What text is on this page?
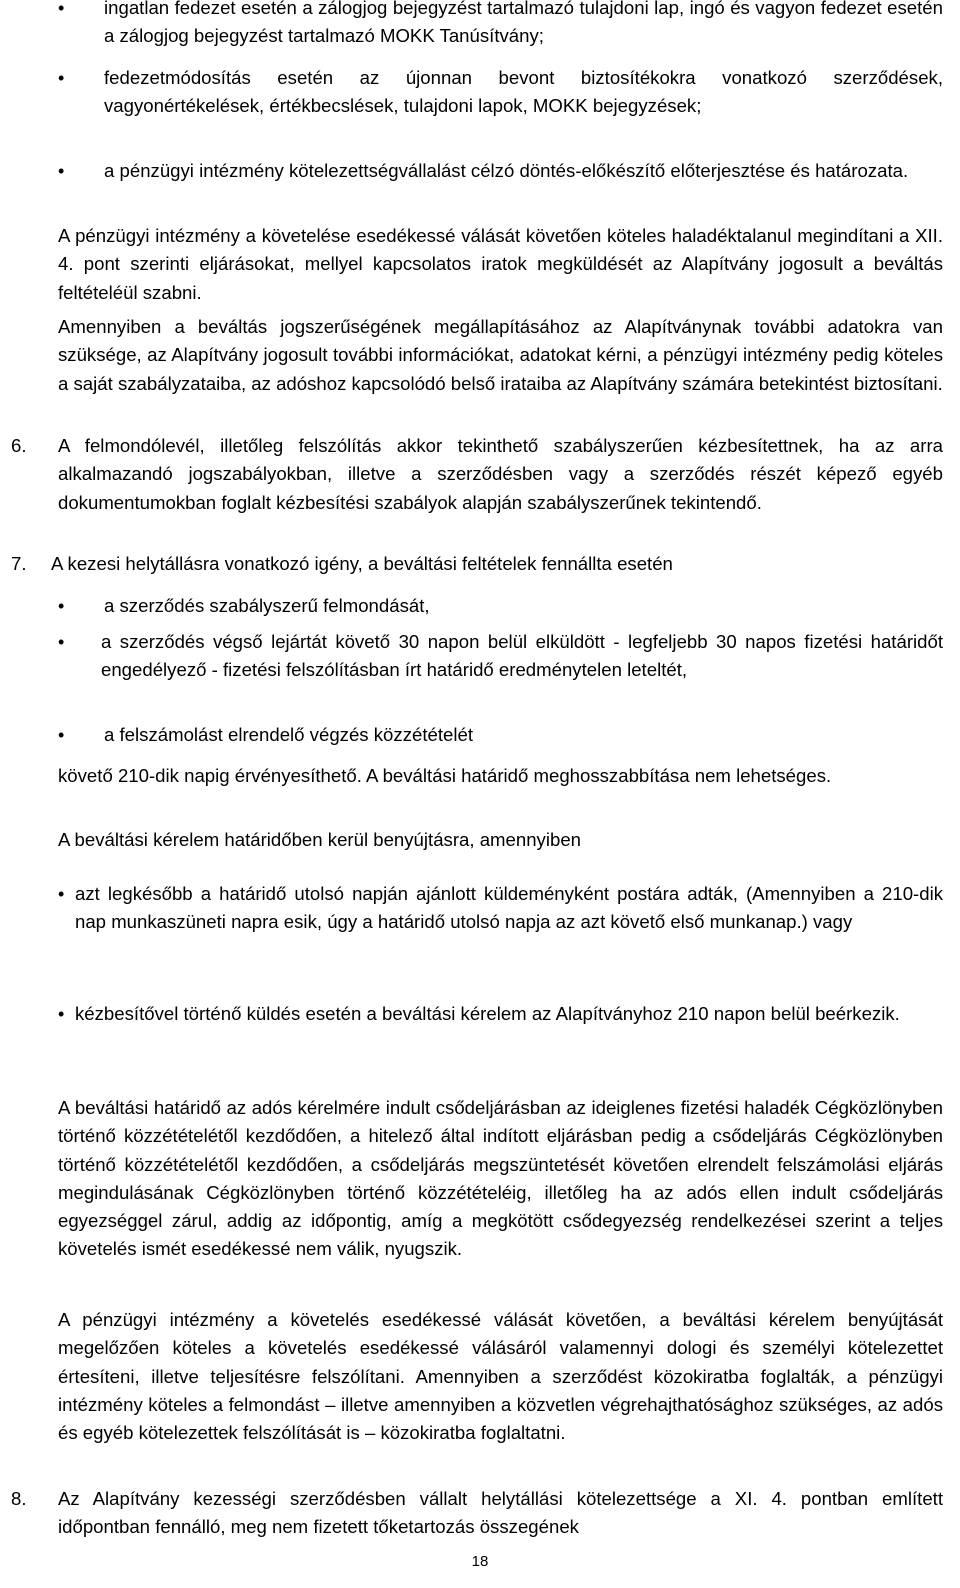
• ingatlan fedezet esetén a zálogjog bejegyzést tartalmazó tulajdoni lap, ingó és vagyon fedezet esetén a zálogjog bejegyzést tartalmazó MOKK Tanúsítvány;

• fedezetmódosítás esetén az újonnan bevont biztosítékokra vonatkozó szerződések, vagyonértékelések, értékbecslések, tulajdoni lapok, MOKK bejegyzések;

• a pénzügyi intézmény kötelezettségvállalást célzó döntés-előkészítő előterjesztése és határozata.

A pénzügyi intézmény a követelése esedékessé válását követően köteles haladéktalanul megindítani a XII. 4. pont szerinti eljárásokat, mellyel kapcsolatos iratok megküldését az Alapítvány jogosult a beváltás feltételéül szabni.

Amennyiben a beváltás jogszerűségének megállapításához az Alapítványnak további adatokra van szüksége, az Alapítvány jogosult további információkat, adatokat kérni, a pénzügyi intézmény pedig köteles a saját szabályzataiba, az adóshoz kapcsolódó belső irataiba az Alapítvány számára betekintést biztosítani.

6. A felmondólevél, illetőleg felszólítás akkor tekinthető szabályszerűen kézbesítettnek, ha az arra alkalmazandó jogszabályokban, illetve a szerződésben vagy a szerződés részét képező egyéb dokumentumokban foglalt kézbesítési szabályok alapján szabályszerűnek tekintendő.

7. A kezesi helytállásra vonatkozó igény, a beváltási feltételek fennállta esetén

• a szerződés szabályszerű felmondását,

• a szerződés végső lejártát követő 30 napon belül elküldött - legfeljebb 30 napos fizetési határidőt engedélyező - fizetési felszólításban írt határidő eredménytelen leteltét,

• a felszámolást elrendelő végzés közzétételét

követő 210-dik napig érvényesíthető. A beváltási határidő meghosszabbítása nem lehetséges.

A beváltási kérelem határidőben kerül benyújtásra, amennyiben

• azt legkésőbb a határidő utolsó napján ajánlott küldeményként postára adták, (Amennyiben a 210-dik nap munkaszüneti napra esik, úgy a határidő utolsó napja az azt követő első munkanap.) vagy

• kézbesítővel történő küldés esetén a beváltási kérelem az Alapítványhoz 210 napon belül beérkezik.

A beváltási határidő az adós kérelmére indult csődeljárásban az ideiglenes fizetési haladék Cégközlönyben történő közzétételétől kezdődően, a hitelező által indított eljárásban pedig a csődeljárás Cégközlönyben történő közzétételétől kezdődően, a csődeljárás megszüntetését követően elrendelt felszámolási eljárás megindulásának Cégközlönyben történő közzétételéig, illetőleg ha az adós ellen indult csődeljárás egyezséggel zárul, addig az időpontig, amíg a megkötött csődegyezség rendelkezései szerint a teljes követelés ismét esedékessé nem válik, nyugszik.

A pénzügyi intézmény a követelés esedékessé válását követően, a beváltási kérelem benyújtását megelőzően köteles a követelés esedékessé válásáról valamennyi dologi és személyi kötelezettet értesíteni, illetve teljesítésre felszólítani. Amennyiben a szerződést közokiratba foglalták, a pénzügyi intézmény köteles a felmondást – illetve amennyiben a közvetlen végrehajthatósághoz szükséges, az adós és egyéb kötelezettek felszólítását is – közokiratba foglaltatni.

8. Az Alapítvány kezességi szerződésben vállalt helytállási kötelezettsége a XI. 4. pontban említett időpontban fennálló, meg nem fizetett tőketartozás összegének

18
